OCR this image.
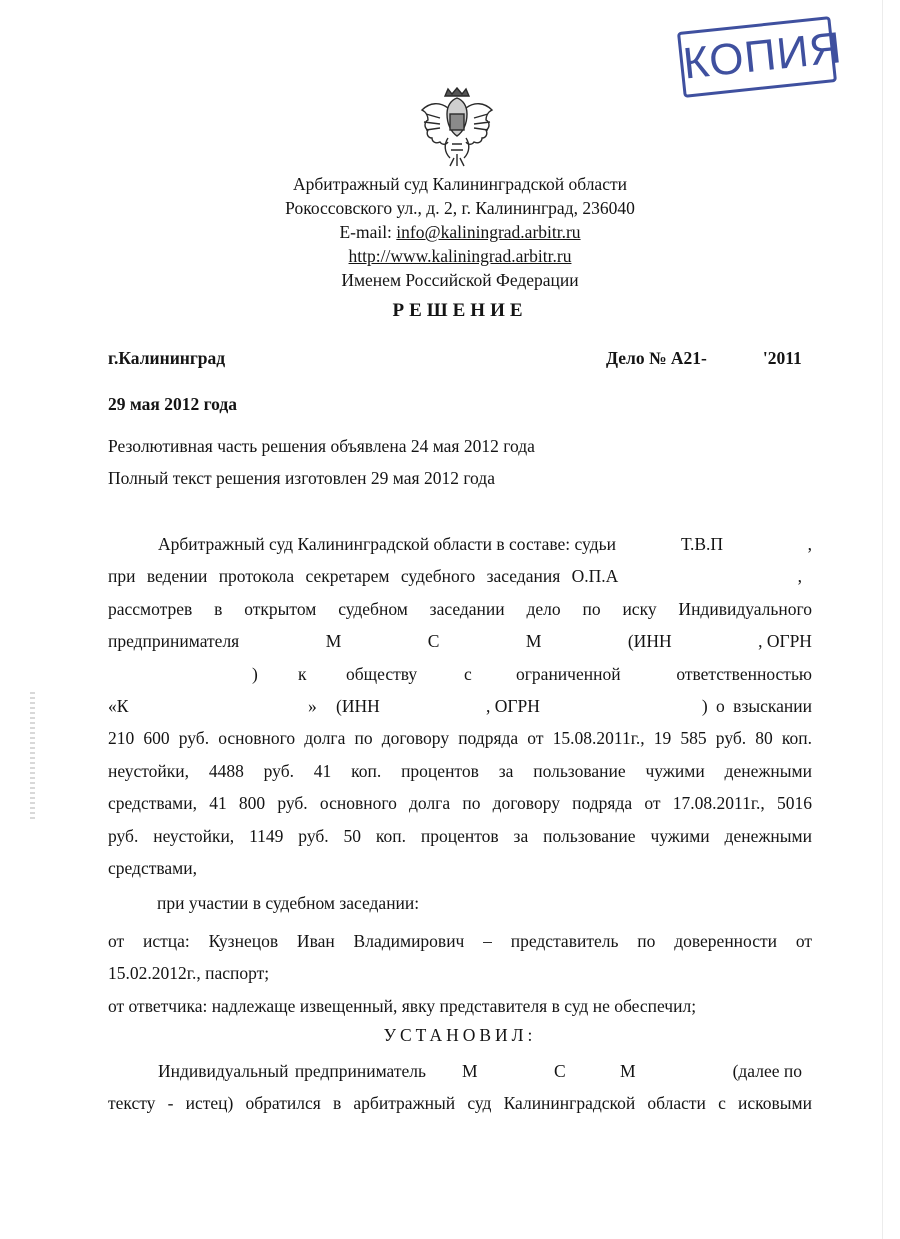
КОПИЯ
Арбитражный суд Калининградской области
Рокоссовского ул., д. 2, г. Калининград, 236040
E-mail: info@kaliningrad.arbitr.ru
http://www.kaliningrad.arbitr.ru
Именем Российской Федерации
РЕШЕНИЕ
г.Калининград	Дело № А21-	'2011
29 мая 2012 года
Резолютивная часть решения объявлена 24 мая 2012 года
Полный текст решения изготовлен 29 мая 2012 года
Арбитражный суд Калининградской области в составе: судьи	Т.В.П	,
при ведении протокола секретарем судебного заседания О.П.А	,
рассмотрев в открытом судебном заседании дело по иску Индивидуального
предпринимателя	М	С	М	(ИНН	, ОГРН
) к обществу	с	ограниченной	ответственностью
«К	» (ИНН	, ОГРН	) о взыскании
210 600 руб. основного долга по договору подряда от 15.08.2011г., 19 585 руб. 80 коп.
неустойки, 4488 руб. 41 коп. процентов за пользование чужими денежными
средствами, 41 800 руб. основного долга по договору подряда от 17.08.2011г., 5016
руб. неустойки, 1149 руб. 50 коп. процентов за пользование чужими денежными
средствами,
при участии в судебном заседании:
от истца: Кузнецов Иван Владимирович – представитель по доверенности от
15.02.2012г., паспорт;
от ответчика: надлежаще извещенный, явку представителя в суд не обеспечил;
УСТАНОВИЛ:
Индивидуальный предприниматель М	С	М	(далее по
тексту - истец) обратился в арбитражный суд Калининградской области с исковыми
